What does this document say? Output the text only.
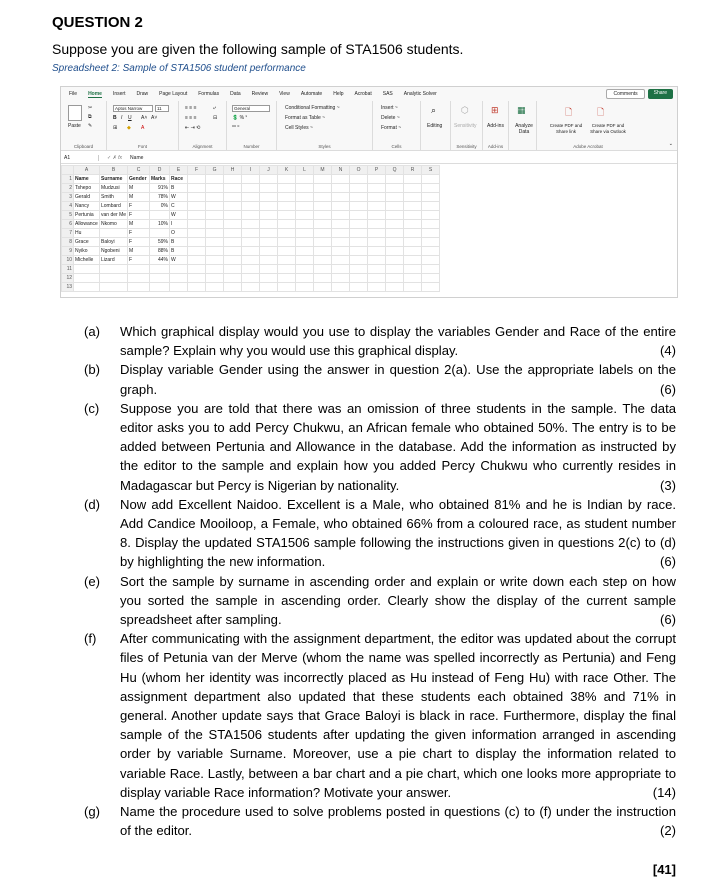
QUESTION 2
Suppose you are given the following sample of STA1506 students.
Spreadsheet 2: Sample of STA1506 student performance
File Home Insert Draw Page Layout Formulas Data Review View Automate Help Acrobat SAS Analytic Solver	Comments	Share
Paste
✂
⧉
✎
Clipboard
Aptos Narrow	11
B I U A˄ A˅
⊞ ◆ A
Font
≡ ≡ ≡
≡ ≡ ≡
⇤ ⇥ ⟲
⤶
⊟
Alignment
General
💲 % ❜
⁰⁰ ⁰
Number
Conditional Formatting ~
Format as Table ~
Cell Styles ~
Styles
Insert ~
Delete ~
Format ~
Cells
⌕
Editing
⬡
Sensitivity
Sensitivity
⊞
Add-ins
Add-ins
▦
Analyze Data
🗋	🗋
Create PDF and Share link
Create PDF and Share via Outlook
Adobe Acrobat	⌄
A1	✓ ✗ fx	Name
	A	B	C	D	E	F	G	H	I	J	K	L	M	N	O	P	Q	R	S
1	Name	Surname	Gender	Marks	Race														
2	Tshepo	Mudzusi	M	91%	B														
3	Gerald	Smith	M	78%	W														
4	Nancy	Lombard	F	0%	C														
5	Pertunia	van der Me	F		W														
6	Allowance	Nkomo	M	10%	I														
7	Hu		F		O														
8	Grace	Baloyi	F	59%	B														
9	Nyiko	Ngobeni	M	88%	B														
10	Michelle	Lizard	F	44%	W														
11																			
12																			
13																			
(a)	Which graphical display would you use to display the variables Gender and Race of the entire sample? Explain why you would use this graphical display.	(4)
(b)	Display variable Gender using the answer in question 2(a). Use the appropriate labels on the graph.	(6)
(c)	Suppose you are told that there was an omission of three students in the sample. The data editor asks you to add Percy Chukwu, an African female who obtained 50%. The entry is to be added between Pertunia and Allowance in the database. Add the information as instructed by the editor to the sample and explain how you added Percy Chukwu who currently resides in Madagascar but Percy is Nigerian by nationality.	(3)
(d)	Now add Excellent Naidoo. Excellent is a Male, who obtained 81% and he is Indian by race. Add Candice Mooiloop, a Female, who obtained 66% from a coloured race, as student number 8. Display the updated STA1506 sample following the instructions given in questions 2(c) to (d) by highlighting the new information.	(6)
(e)	Sort the sample by surname in ascending order and explain or write down each step on how you sorted the sample in ascending order. Clearly show the display of the current sample spreadsheet after sampling.	(6)
(f)	After communicating with the assignment department, the editor was updated about the corrupt files of Petunia van der Merve (whom the name was spelled incorrectly as Pertunia) and Feng Hu (whom her identity was incorrectly placed as Hu instead of Feng Hu) with race Other. The assignment department also updated that these students each obtained 38% and 71% in general. Another update says that Grace Baloyi is black in race. Furthermore, display the final sample of the STA1506 students after updating the given information arranged in ascending order by variable Surname. Moreover, use a pie chart to display the information related to variable Race. Lastly, between a bar chart and a pie chart, which one looks more appropriate to display variable Race information? Motivate your answer.	(14)
(g)	Name the procedure used to solve problems posted in questions (c) to (f) under the instruction of the editor.	(2)
[41]
